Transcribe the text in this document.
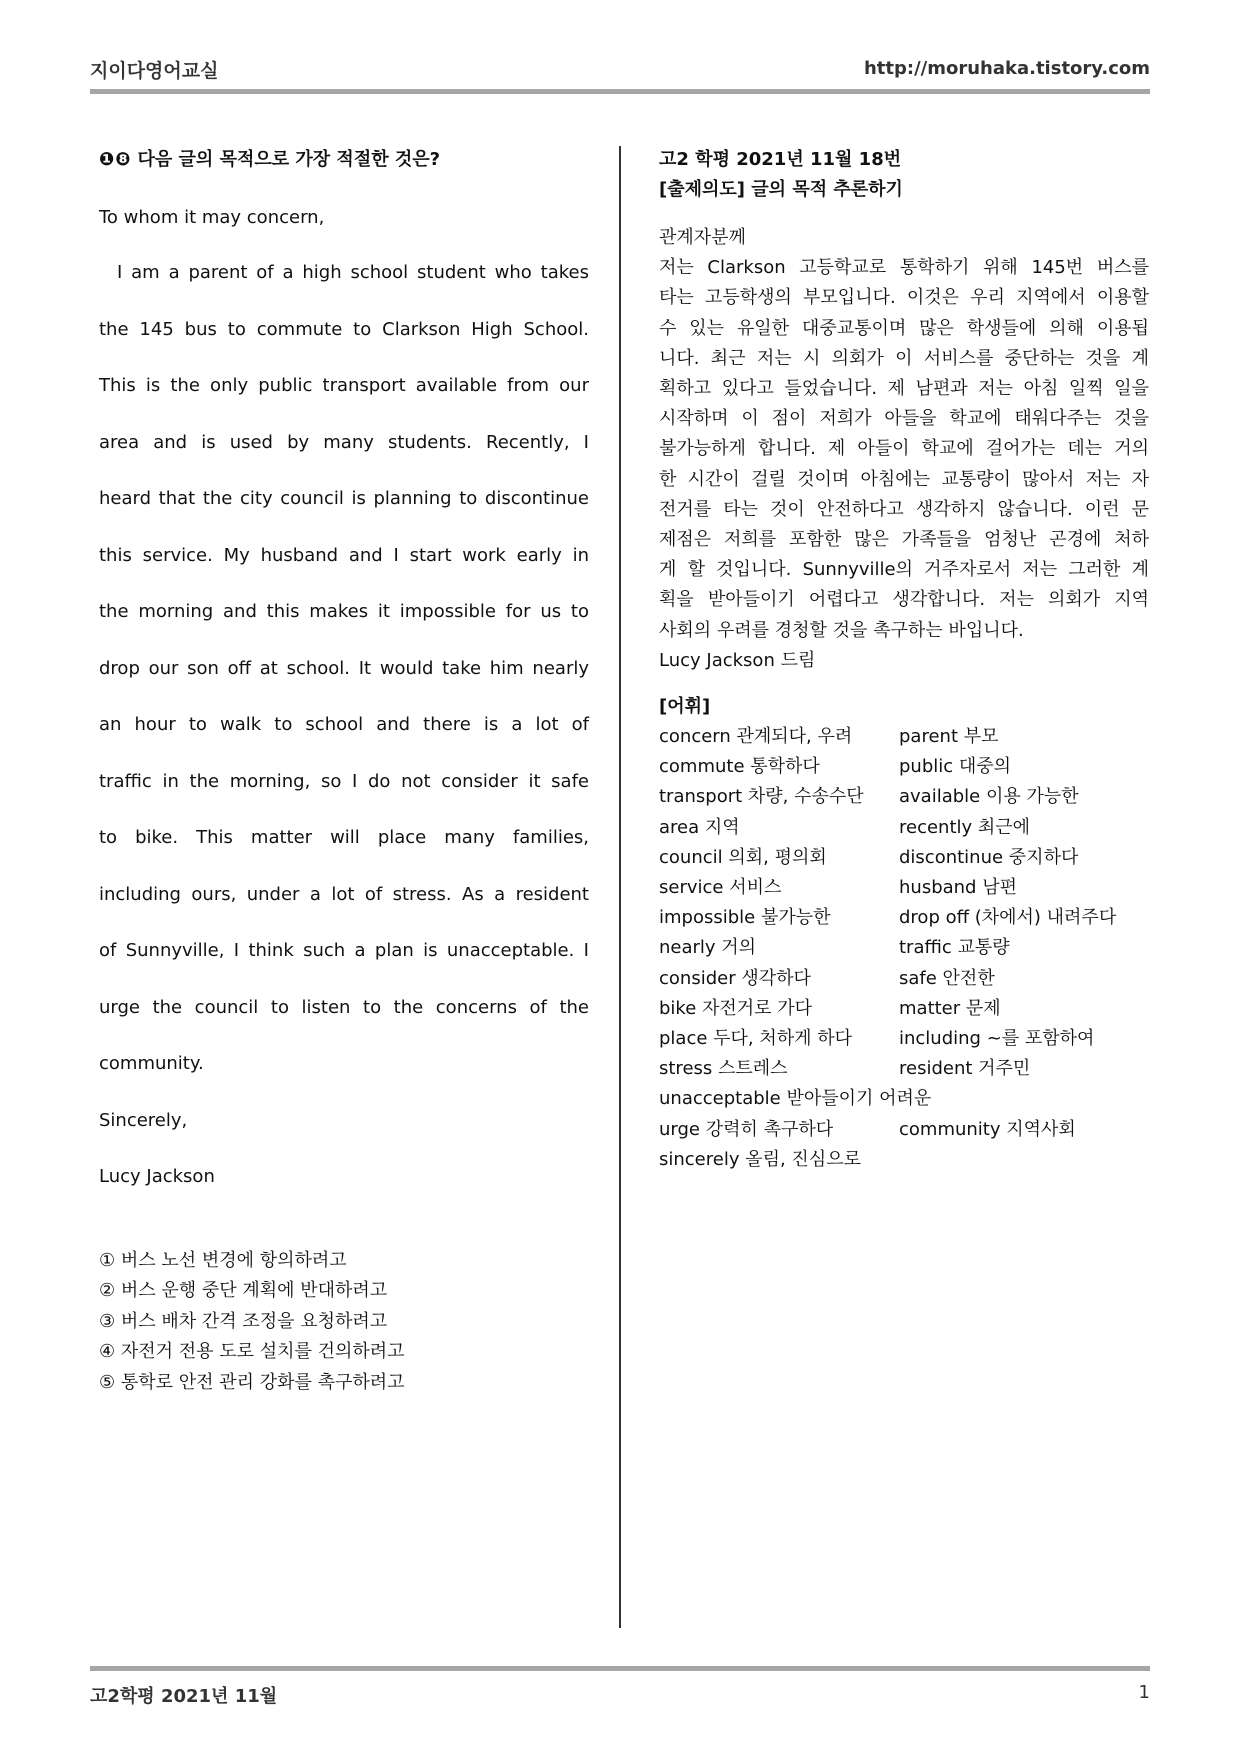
지이다영어교실	http://moruhaka.tistory.com
❶❽ 다음 글의 목적으로 가장 적절한 것은?
To whom it may concern,
I am a parent of a high school student who takes
the 145 bus to commute to Clarkson High School.
This is the only public transport available from our
area and is used by many students. Recently, I
heard that the city council is planning to discontinue
this service. My husband and I start work early in
the morning and this makes it impossible for us to
drop our son off at school. It would take him nearly
an hour to walk to school and there is a lot of
traffic in the morning, so I do not consider it safe
to bike. This matter will place many families,
including ours, under a lot of stress. As a resident
of Sunnyville, I think such a plan is unacceptable. I
urge the council to listen to the concerns of the
community.
Sincerely,
Lucy Jackson
① 버스 노선 변경에 항의하려고
② 버스 운행 중단 계획에 반대하려고
③ 버스 배차 간격 조정을 요청하려고
④ 자전거 전용 도로 설치를 건의하려고
⑤ 통학로 안전 관리 강화를 촉구하려고
고2 학평 2021년 11월 18번
[출제의도] 글의 목적 추론하기
관계자분께
저는 Clarkson 고등학교로 통학하기 위해 145번 버스를
타는 고등학생의 부모입니다. 이것은 우리 지역에서 이용할
수 있는 유일한 대중교통이며 많은 학생들에 의해 이용됩
니다. 최근 저는 시 의회가 이 서비스를 중단하는 것을 계
획하고 있다고 들었습니다. 제 남편과 저는 아침 일찍 일을
시작하며 이 점이 저희가 아들을 학교에 태워다주는 것을
불가능하게 합니다. 제 아들이 학교에 걸어가는 데는 거의
한 시간이 걸릴 것이며 아침에는 교통량이 많아서 저는 자
전거를 타는 것이 안전하다고 생각하지 않습니다. 이런 문
제점은 저희를 포함한 많은 가족들을 엄청난 곤경에 처하
게 할 것입니다. Sunnyville의 거주자로서 저는 그러한 계
획을 받아들이기 어렵다고 생각합니다. 저는 의회가 지역
사회의 우려를 경청할 것을 촉구하는 바입니다.
Lucy Jackson 드림
[어휘]
concern 관계되다, 우려	parent 부모
commute 통학하다	public 대중의
transport 차량, 수송수단	available 이용 가능한
area 지역	recently 최근에
council 의회, 평의회	discontinue 중지하다
service 서비스	husband 남편
impossible 불가능한	drop off (차에서) 내려주다
nearly 거의	traffic 교통량
consider 생각하다	safe 안전한
bike 자전거로 가다	matter 문제
place 두다, 처하게 하다	including ~를 포함하여
stress 스트레스	resident 거주민
unacceptable 받아들이기 어려운
urge 강력히 촉구하다	community 지역사회
sincerely 올림, 진심으로
고2학평 2021년 11월	1
